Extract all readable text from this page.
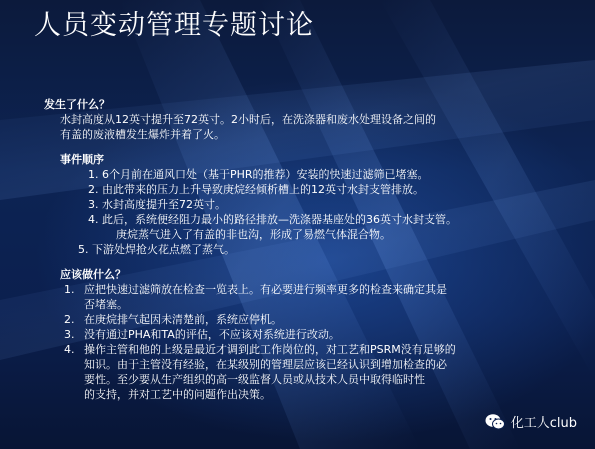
人员变动管理专题讨论
发生了什么？

水封高度从12英寸提升至72英寸。2小时后，在洗涤器和废水处理设备之间的

有盖的废液槽发生爆炸并着了火。

事件顺序
1. 6个月前在通风口处（基于PHR的推荐）安装的快速过滤筛已堵塞。
2. 由此带来的压力上升导致庚烷经倾析槽上的12英寸水封支管排放。
3. 水封高度提升至72英寸。
4. 此后，系统便经阻力最小的路径排放—洗涤器基座处的36英寸水封支管。
庚烷蒸气进入了有盖的非也沟，形成了易燃气体混合物。
5. 下游处焊抢火花点燃了蒸气。
应该做什么？
1. 应把快速过滤筛放在检查一览表上。有必要进行频率更多的检查来确定其是
否堵塞。
2. 在庚烷排气起因未清楚前，系统应停机。
3. 没有通过PHA和TA的评估，不应该对系统进行改动。
4. 操作主管和他的上级是最近才调到此工作岗位的，对工艺和PSRM没有足够的
知识。由于主管没有经验，在某级别的管理层应该已经认识到增加检查的必
要性。至少要从生产组织的高一级监督人员或从技术人员中取得临时性
的支持，并对工艺中的问题作出决策。
化工人club
